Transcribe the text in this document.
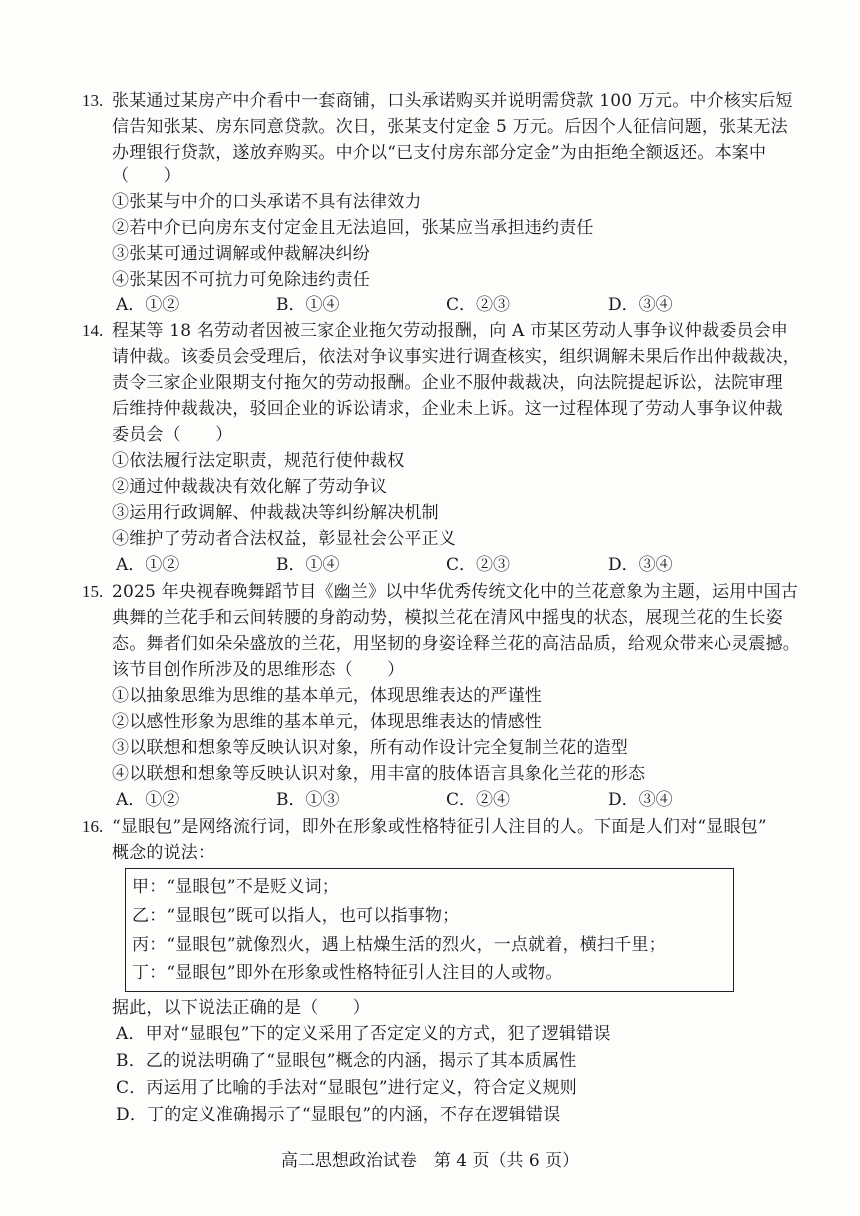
13. 张某通过某房产中介看中一套商铺，口头承诺购买并说明需贷款 100 万元。中介核实后短
信告知张某、房东同意贷款。次日，张某支付定金 5 万元。后因个人征信问题，张某无法
办理银行贷款，遂放弃购买。中介以“已支付房东部分定金”为由拒绝全额返还。本案中
（　　）
①张某与中介的口头承诺不具有法律效力
②若中介已向房东支付定金且无法追回，张某应当承担违约责任
③张某可通过调解或仲裁解决纠纷
④张某因不可抗力可免除违约责任
A．①②	B．①④	C．②③	D．③④
14. 程某等 18 名劳动者因被三家企业拖欠劳动报酬，向 A 市某区劳动人事争议仲裁委员会申
请仲裁。该委员会受理后，依法对争议事实进行调查核实，组织调解未果后作出仲裁裁决，
责令三家企业限期支付拖欠的劳动报酬。企业不服仲裁裁决，向法院提起诉讼，法院审理
后维持仲裁裁决，驳回企业的诉讼请求，企业未上诉。这一过程体现了劳动人事争议仲裁
委员会（　　）
①依法履行法定职责，规范行使仲裁权
②通过仲裁裁决有效化解了劳动争议
③运用行政调解、仲裁裁决等纠纷解决机制
④维护了劳动者合法权益，彰显社会公平正义
A．①②	B．①④	C．②③	D．③④
15. 2025 年央视春晚舞蹈节目《幽兰》以中华优秀传统文化中的兰花意象为主题，运用中国古
典舞的兰花手和云间转腰的身韵动势，模拟兰花在清风中摇曳的状态，展现兰花的生长姿
态。舞者们如朵朵盛放的兰花，用坚韧的身姿诠释兰花的高洁品质，给观众带来心灵震撼。
该节目创作所涉及的思维形态（　　）
①以抽象思维为思维的基本单元，体现思维表达的严谨性
②以感性形象为思维的基本单元，体现思维表达的情感性
③以联想和想象等反映认识对象，所有动作设计完全复制兰花的造型
④以联想和想象等反映认识对象，用丰富的肢体语言具象化兰花的形态
A．①②	B．①③	C．②④	D．③④
16. “显眼包”是网络流行词，即外在形象或性格特征引人注目的人。下面是人们对“显眼包”
概念的说法：
甲：“显眼包”不是贬义词；
乙：“显眼包”既可以指人，也可以指事物；
丙：“显眼包”就像烈火，遇上枯燥生活的烈火，一点就着，横扫千里；
丁：“显眼包”即外在形象或性格特征引人注目的人或物。
据此，以下说法正确的是（　　）
A．甲对“显眼包”下的定义采用了否定定义的方式，犯了逻辑错误
B．乙的说法明确了“显眼包”概念的内涵，揭示了其本质属性
C．丙运用了比喻的手法对“显眼包”进行定义，符合定义规则
D．丁的定义准确揭示了“显眼包”的内涵，不存在逻辑错误
高二思想政治试卷　第 4 页（共 6 页）
